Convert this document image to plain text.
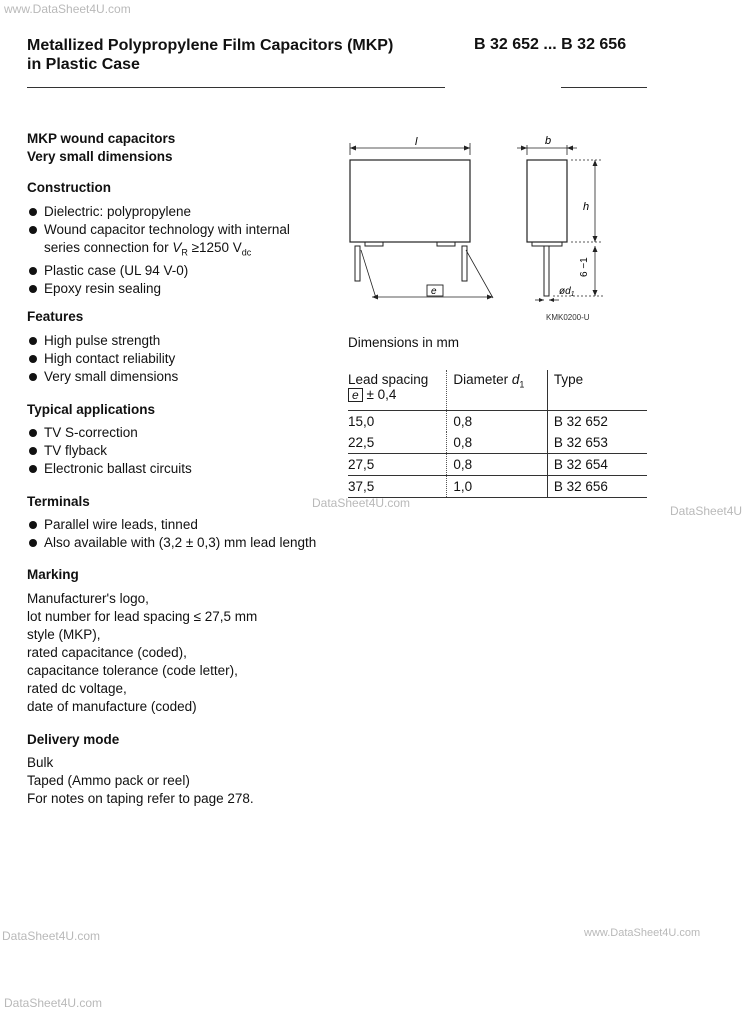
www.DataSheet4U.com
DataSheet4U.com
DataSheet4U
DataSheet4U.com	www.DataSheet4U.com
DataSheet4U.com
Metallized Polypropylene Film Capacitors (MKP)
in Plastic Case
B 32 652 ... B 32 656
MKP wound capacitors
Very small dimensions
Construction
Dielectric: polypropylene
Wound capacitor technology with internal
series connection for $V_R \ge 1250$ $V_{dc}$
Plastic case (UL 94 V-0)
Epoxy resin sealing
Features
High pulse strength
High contact reliability
Very small dimensions
Typical applications
TV S-correction
TV flyback
Electronic ballast circuits
Terminals
Parallel wire leads, tinned
Also available with (3,2 ± 0,3) mm lead length
Marking
Manufacturer's logo,
lot number for lead spacing ≤ 27,5 mm
style (MKP),
rated capacitance (coded),
capacitance tolerance (code letter),
rated dc voltage,
date of manufacture (coded)
Delivery mode
Bulk
Taped (Ammo pack or reel)
For notes on taping refer to page 278.
l
e
b
h
6 −1
$ød_1$
KMK0200-U
Dimensions in mm
Lead spacing
e ± 0,4	Diameter $d_1$	Type
15,0	0,8	B 32 652
22,5	0,8	B 32 653
27,5	0,8	B 32 654
37,5	1,0	B 32 656
